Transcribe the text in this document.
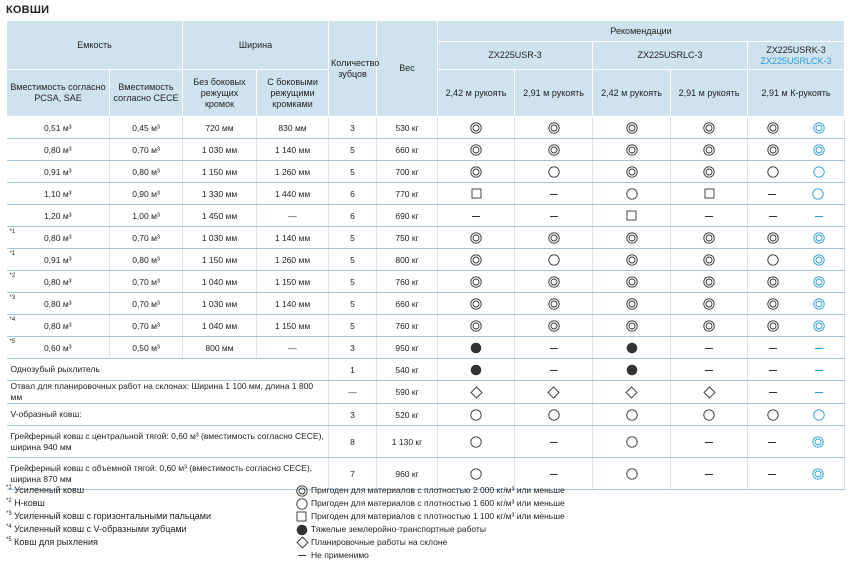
КОВШИ
Емкость		Ширина		Количество зубцов	Вес	Рекомендации				
						ZX225USR-3		ZX225USRLC-3		ZX225USRK-3
ZX225USRLCK-3

Вместимость согласно PCSA, SAE	Вместимость согласно CECE	Без боковых режущих кромок	С боковыми режущими кромками			2,42 м рукоять	2,91 м рукоять	2,42 м рукоять	2,91 м рукоять	2,91 м К-рукоять
0,51 м³	0,45 м³	720 мм	830 мм	3	530 кг	

0,80 м³	0,70 м³	1 030 мм	1 140 мм	5	660 кг	

0,91 м³	0,80 м³	1 150 мм	1 260 мм	5	700 кг	

1,10 м³	0,90 м³	1 330 мм	1 440 мм	6	770 кг	

1,20 м³	1,00 м³	1 450 мм	—	6	690 кг			

*1
0,80 м³	0,70 м³	1 030 мм	1 140 мм	5	750 кг	

*1
0,91 м³	0,80 м³	1 150 мм	1 260 мм	5	800 кг	

*2
0,80 м³	0,70 м³	1 040 мм	1 150 мм	5	760 кг	

*3
0,80 м³	0,70 м³	1 030 мм	1 140 мм	5	660 кг	

*4
0,80 м³	0,70 м³	1 040 мм	1 150 мм	5	760 кг	

*5
0,60 м³	0,50 м³	800 мм	—	3	950 кг	

Однозубый рыхлитель				1	540 кг	

Отвал для планировочных работ на склонах: Ширина 1 100 мм, длина 1 800 мм				—	590 кг	

V-образный ковш:				3	520 кг	

Грейферный ковш с центральной тягой: 0,60 м³ (вместимость согласно CECE), ширина 940 мм				8	1 130 кг	

Грейферный ковш с объемной тягой: 0,60 м³ (вместимость согласно CECE), ширина 870 мм				7	960 кг	

$^{*1}$ Усиленный ковш
$^{*2}$ Н-ковш
$^{*3}$ Усиленный ковш с горизонтальными пальцами
$^{*4}$ Усиленный ковш с V-образными зубцами
$^{*5}$ Ковш для рыхления
Пригоден для материалов с плотностью 2 000 кг/м³ или меньше
Пригоден для материалов с плотностью 1 600 кг/м³ или меньше
Пригоден для материалов с плотностью 1 100 кг/м³ или меньше
Тяжелые землеройно-транспортные работы
Планировочные работы на склоне
Не применимо
